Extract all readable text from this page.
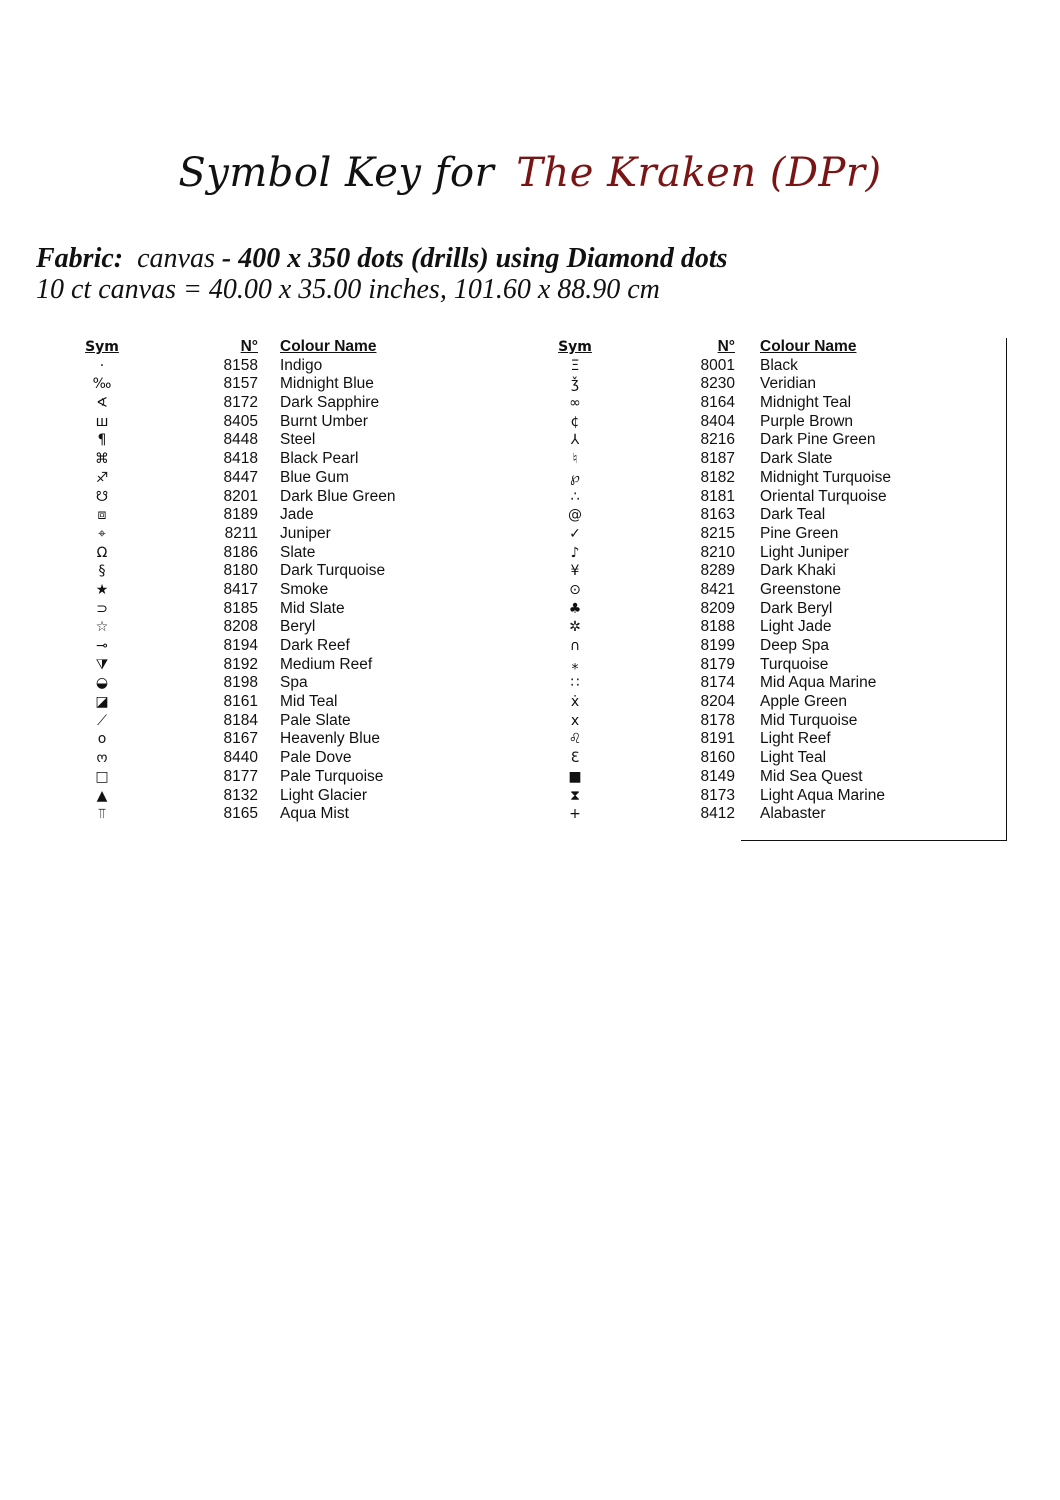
Symbol Key for The Kraken (DPr)
Fabric: canvas - 400 x 350 dots (drills) using Diamond dots
10 ct canvas = 40.00 x 35.00 inches, 101.60 x 88.90 cm
Sym	N° Colour Name
·	8158 Indigo
‰	8157 Midnight Blue
∢	8172 Dark Sapphire
ш	8405 Burnt Umber
¶	8448 Steel
⌘	8418 Black Pearl
♐	8447 Blue Gum
☋	8201 Dark Blue Green
⧈	8189 Jade
⌖	8211 Juniper
Ω	8186 Slate
§	8180 Dark Turquoise
★	8417 Smoke
⊃	8185 Mid Slate
☆	8208 Beryl
⊸	8194 Dark Reef
⧩	8192 Medium Reef
◒	8198 Spa
◪	8161 Mid Teal
⟋	8184 Pale Slate
o	8167 Heavenly Blue
ო	8440 Pale Dove
□	8177 Pale Turquoise
▲	8132 Light Glacier
⫪	8165 Aqua Mist
Sym	N° Colour Name
Ξ	8001 Black
ǯ	8230 Veridian
∞	8164 Midnight Teal
¢	8404 Purple Brown
⅄	8216 Dark Pine Green
♮	8187 Dark Slate
℘	8182 Midnight Turquoise
∴	8181 Oriental Turquoise
@	8163 Dark Teal
✓	8215 Pine Green
♪	8210 Light Juniper
¥	8289 Dark Khaki
⊙	8421 Greenstone
♣	8209 Dark Beryl
✲	8188 Light Jade
∩	8199 Deep Spa
⁎	8179 Turquoise
∷	8174 Mid Aqua Marine
ẋ	8204 Apple Green
x	8178 Mid Turquoise
♌	8191 Light Reef
Ɛ	8160 Light Teal
■	8149 Mid Sea Quest
⧗	8173 Light Aqua Marine
+	8412 Alabaster
